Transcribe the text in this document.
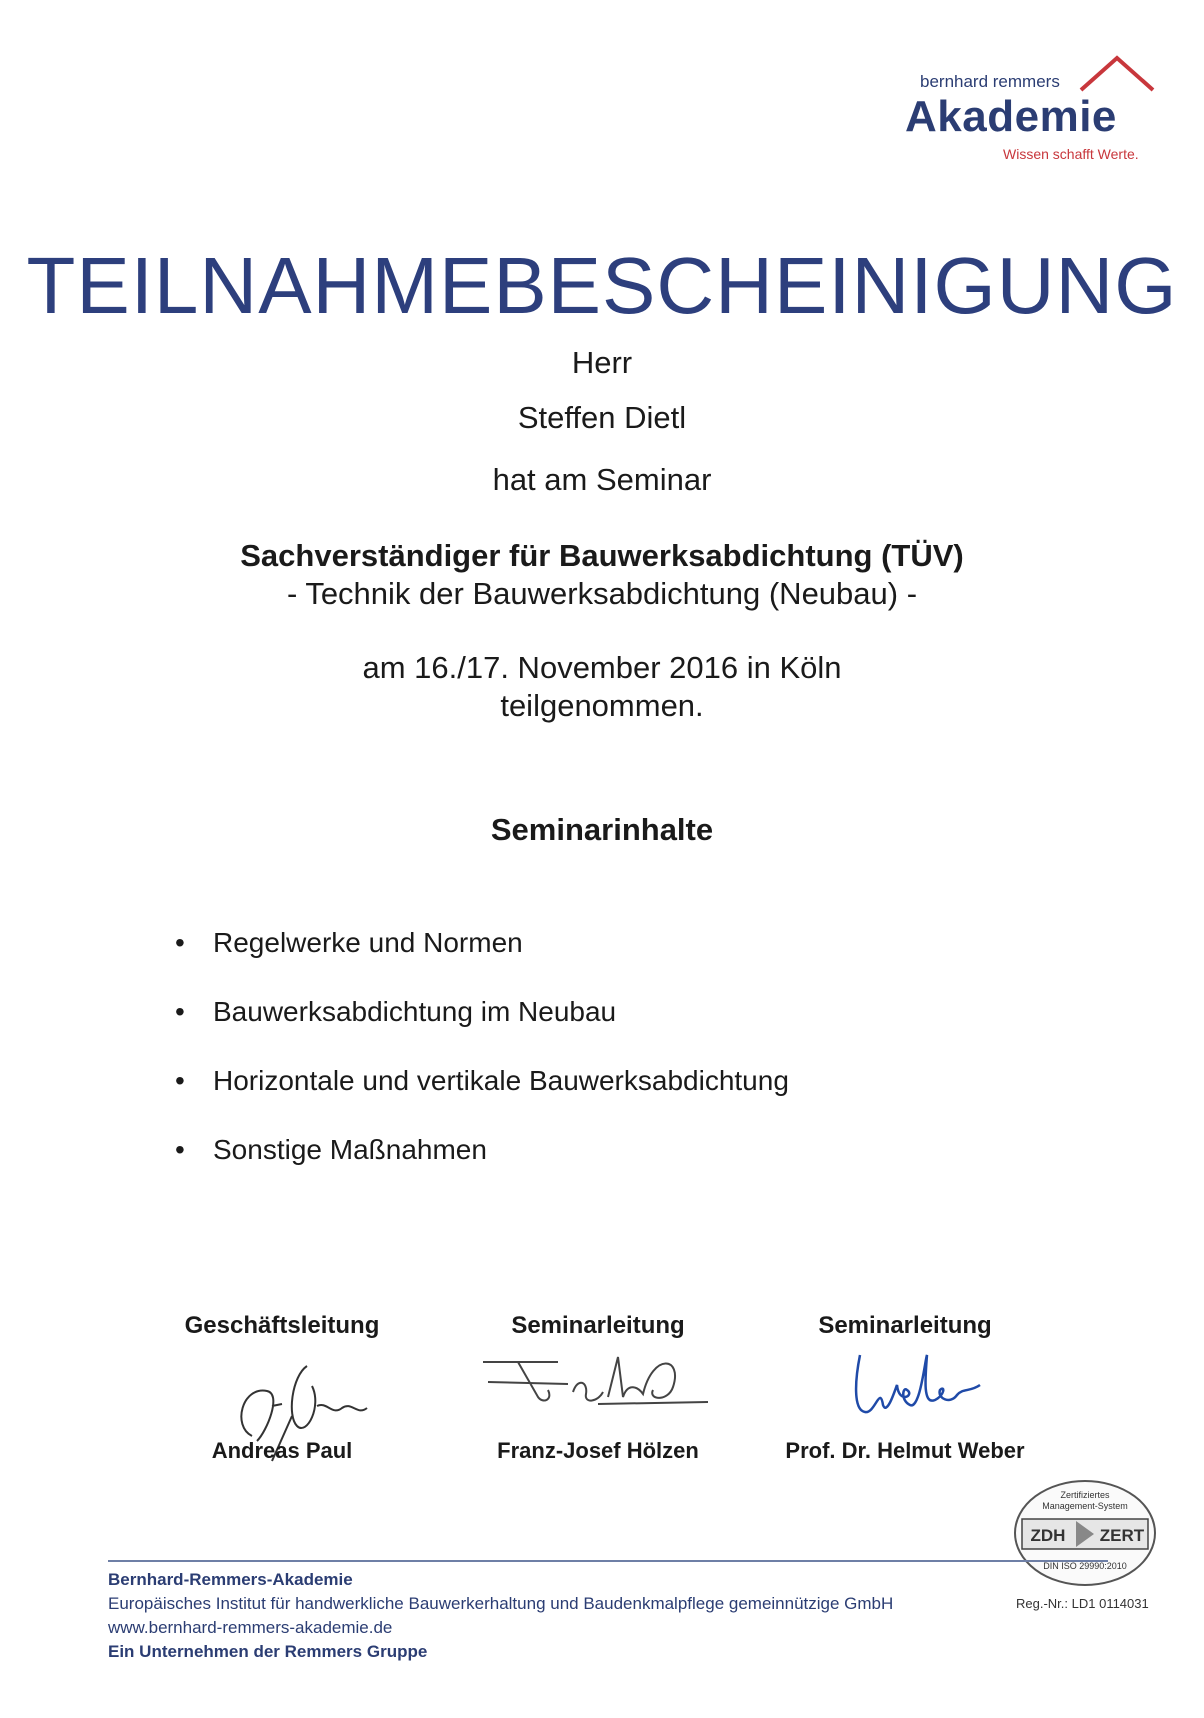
bernhard remmers
Akademie
Wissen schafft Werte.
TEILNAHMEBESCHEINIGUNG
Herr
Steffen Dietl
hat am Seminar
Sachverständiger für Bauwerksabdichtung (TÜV)
- Technik der Bauwerksabdichtung (Neubau) -
am 16./17. November 2016 in Köln
teilgenommen.
Seminarinhalte
• Regelwerke und Normen
• Bauwerksabdichtung im Neubau
• Horizontale und vertikale Bauwerksabdichtung
• Sonstige Maßnahmen
Geschäftsleitung
Andreas Paul
Seminarleitung
Franz-Josef Hölzen
Seminarleitung
Prof. Dr. Helmut Weber
Zertifiziertes
Management-System
ZDH ZERT
DIN ISO 29990:2010
Reg.-Nr.: LD1 0114031
Bernhard-Remmers-Akademie
Europäisches Institut für handwerkliche Bauwerkerhaltung und Baudenkmalpflege gemeinnützige GmbH
www.bernhard-remmers-akademie.de
Ein Unternehmen der Remmers Gruppe
